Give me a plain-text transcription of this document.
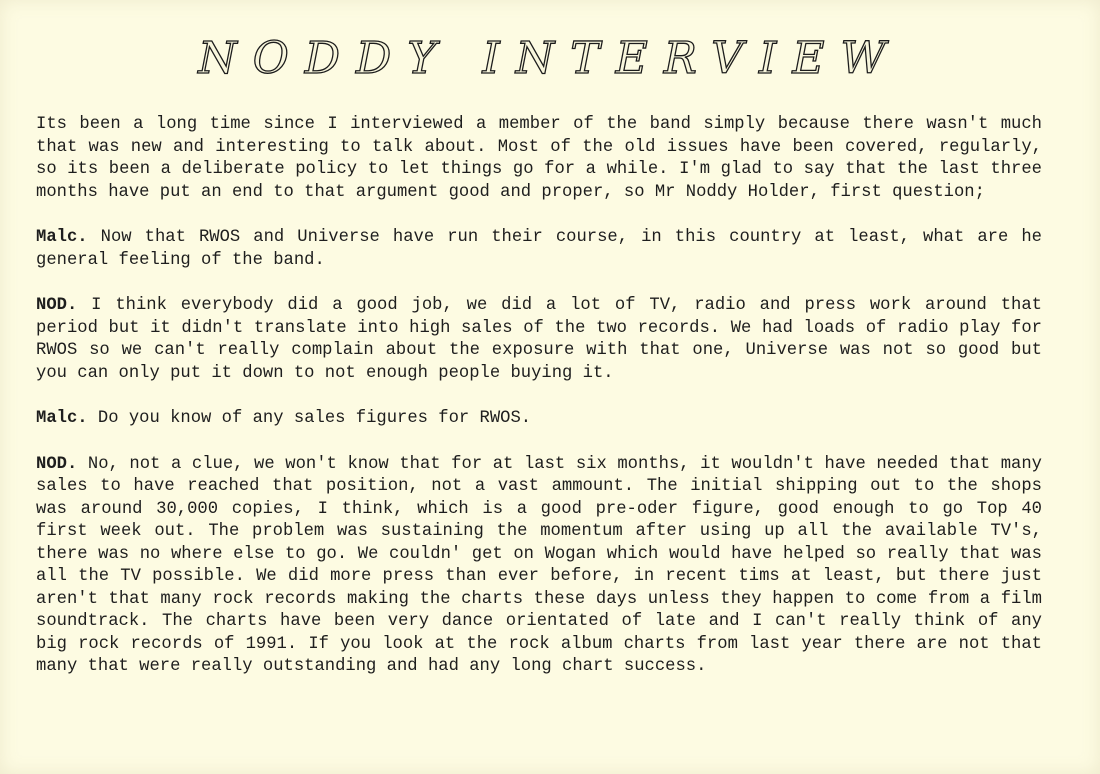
NODDY INTERVIEW

Its been a long time since I interviewed a member of the band simply because there wasn't much that was new and interesting to talk about. Most of the old issues have been covered, regularly, so its been a deliberate policy to let things go for a while. I'm glad to say that the last three months have put an end to that argument good and proper, so Mr Noddy Holder, first question;

Malc. Now that RWOS and Universe have run their course, in this country at least, what are he general feeling of the band.

NOD. I think everybody did a good job, we did a lot of TV, radio and press work around that period but it didn't translate into high sales of the two records. We had loads of radio play for RWOS so we can't really complain about the exposure with that one, Universe was not so good but you can only put it down to not enough people buying it.

Malc. Do you know of any sales figures for RWOS.

NOD. No, not a clue, we won't know that for at last six months, it wouldn't have needed that many sales to have reached that position, not a vast ammount. The initial shipping out to the shops was around 30,000 copies, I think, which is a good pre-oder figure, good enough to go Top 40 first week out. The problem was sustaining the momentum after using up all the available TV's, there was no where else to go. We couldn' get on Wogan which would have helped so really that was all the TV possible. We did more press than ever before, in recent tims at least, but there just aren't that many rock records making the charts these days unless they happen to come from a film soundtrack. The charts have been very dance orientated of late and I can't really think of any big rock records of 1991. If you look at the rock album charts from last year there are not that many that were really outstanding and had any long chart success.
